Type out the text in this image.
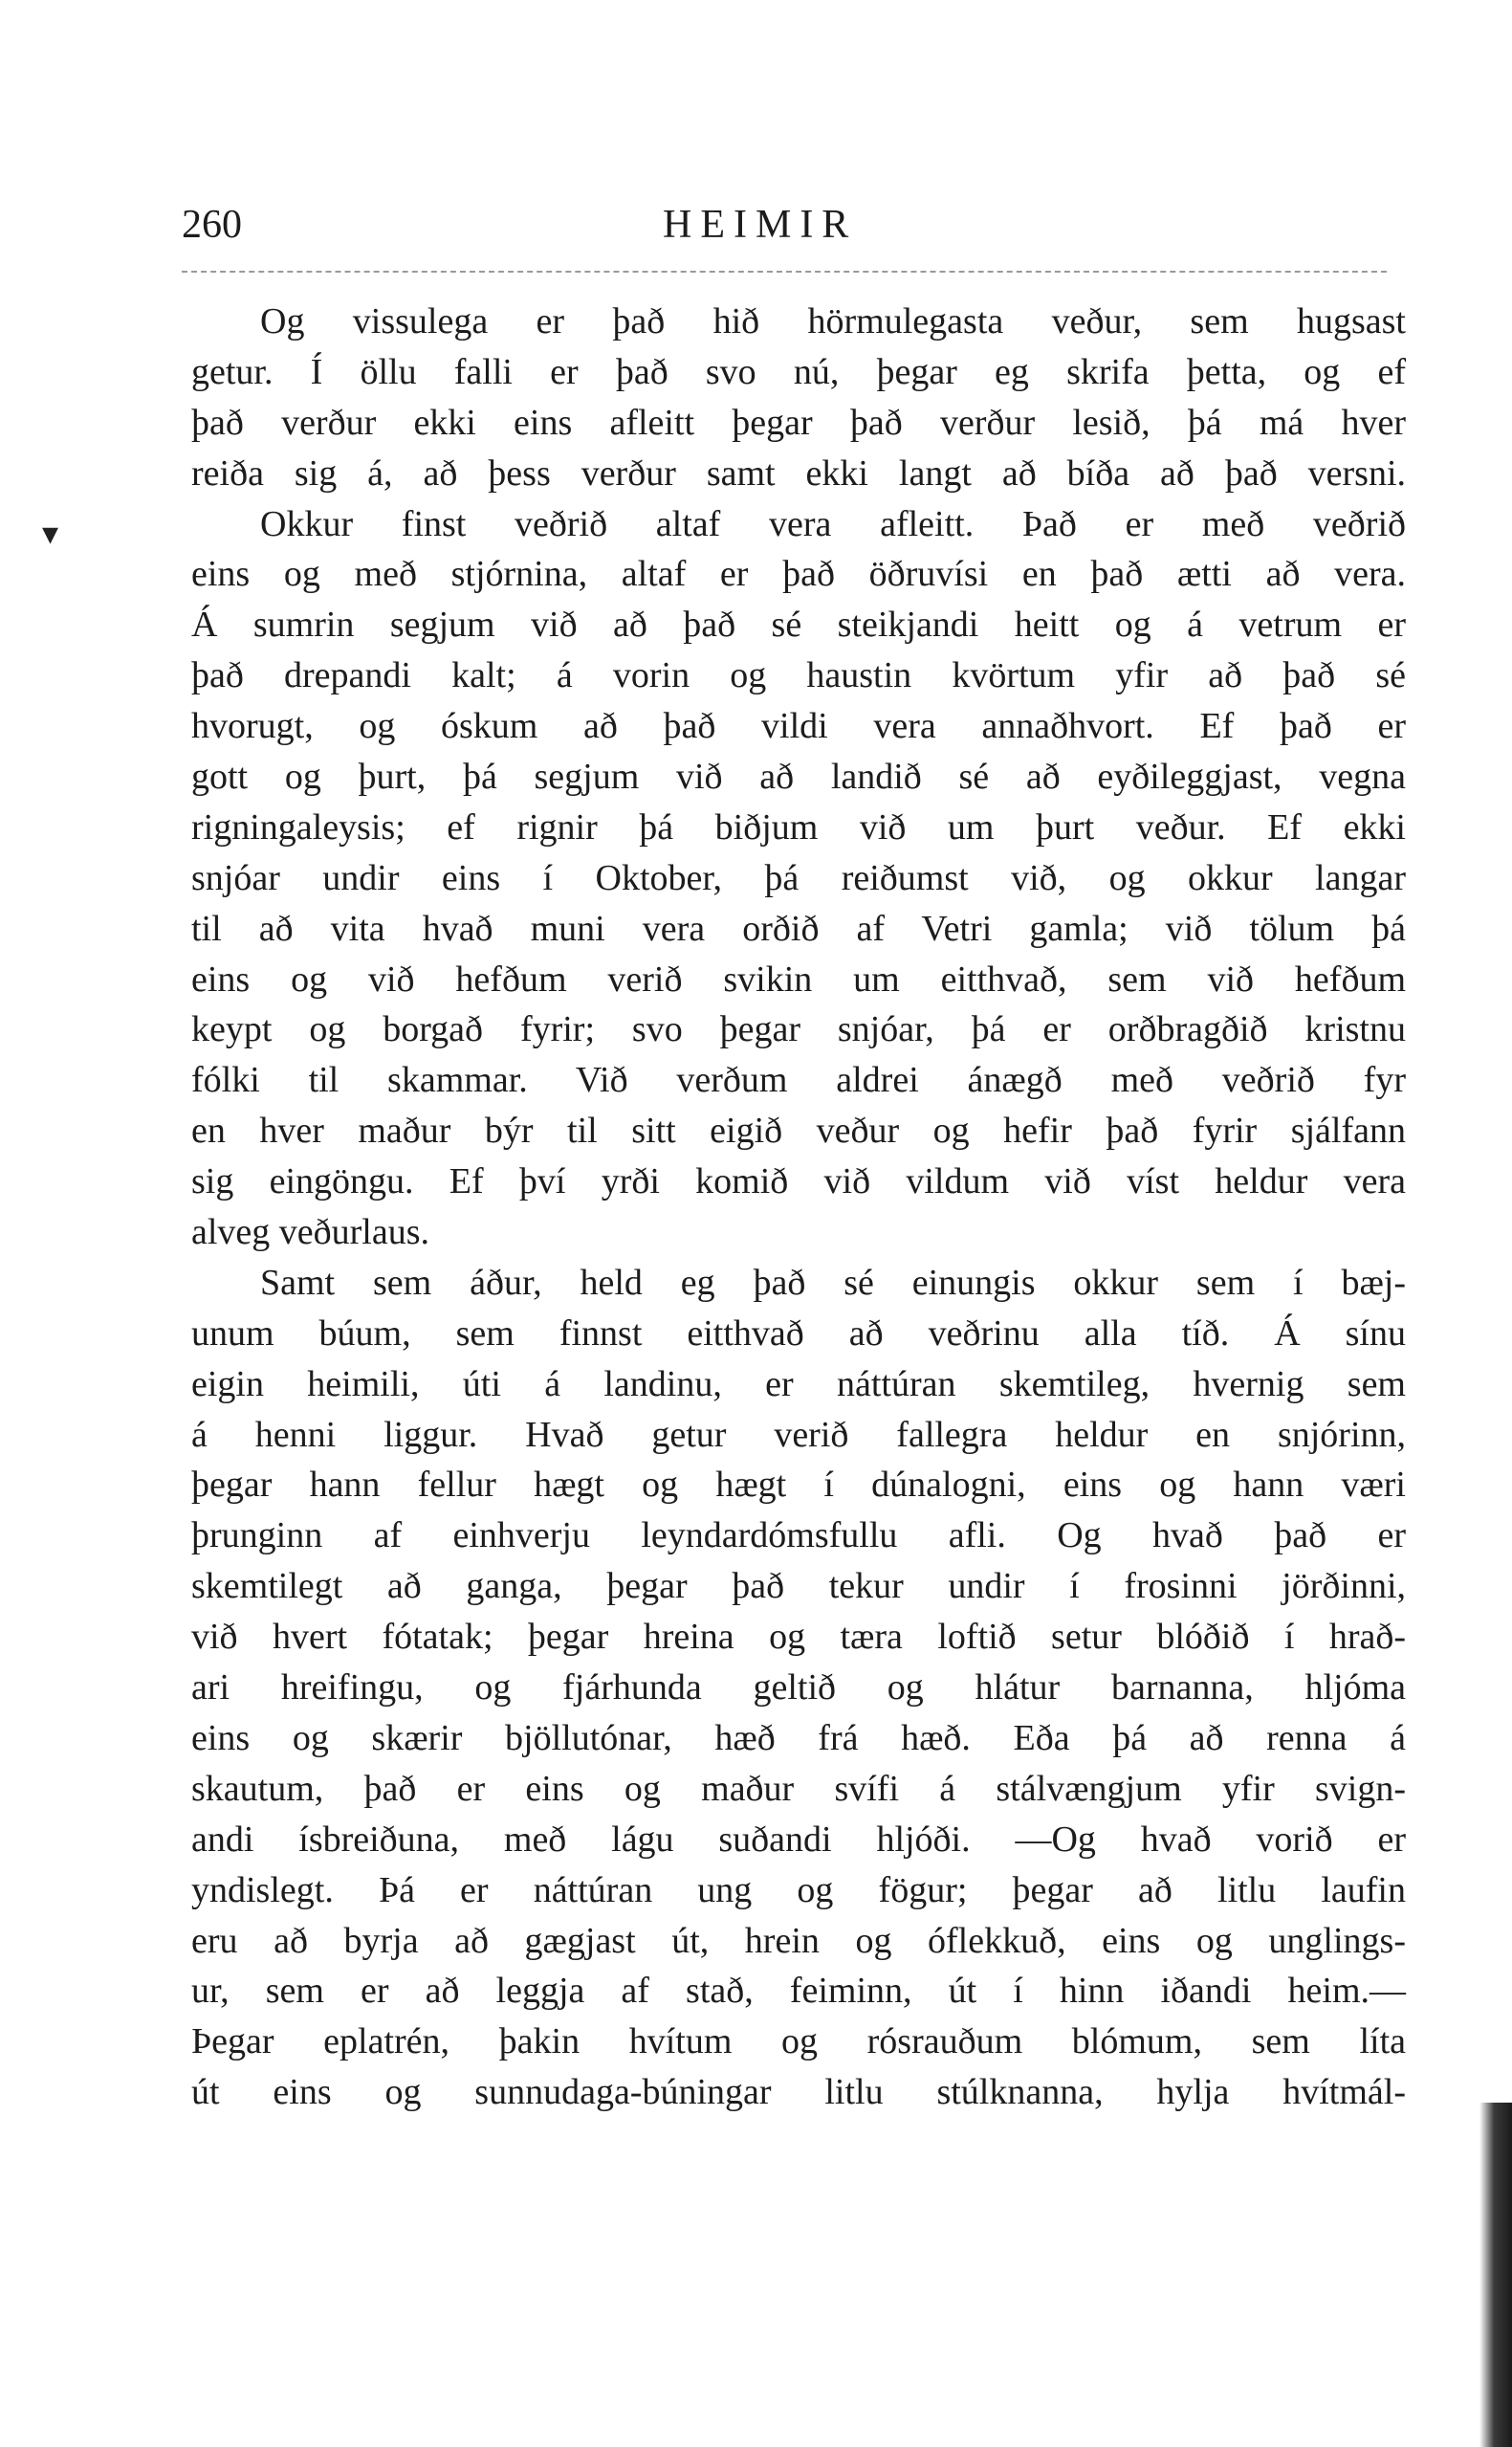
260	HEIMIR
▾
Og vissulega er það hið hörmulegasta veður, sem hugsast
getur. Í öllu falli er það svo nú, þegar eg skrifa þetta, og ef
það verður ekki eins afleitt þegar það verður lesið, þá má hver
reiða sig á, að þess verður samt ekki langt að bíða að það versni.
Okkur finst veðrið altaf vera afleitt. Það er með veðrið
eins og með stjórnina, altaf er það öðruvísi en það ætti að vera.
Á sumrin segjum við að það sé steikjandi heitt og á vetrum er
það drepandi kalt; á vorin og haustin kvörtum yfir að það sé
hvorugt, og óskum að það vildi vera annaðhvort. Ef það er
gott og þurt, þá segjum við að landið sé að eyðileggjast, vegna
rigningaleysis; ef rignir þá biðjum við um þurt veður. Ef ekki
snjóar undir eins í Oktober, þá reiðumst við, og okkur langar
til að vita hvað muni vera orðið af Vetri gamla; við tölum þá
eins og við hefðum verið svikin um eitthvað, sem við hefðum
keypt og borgað fyrir; svo þegar snjóar, þá er orðbragðið kristnu
fólki til skammar. Við verðum aldrei ánægð með veðrið fyr
en hver maður býr til sitt eigið veður og hefir það fyrir sjálfann
sig eingöngu. Ef því yrði komið við vildum við víst heldur vera
alveg veðurlaus.
Samt sem áður, held eg það sé einungis okkur sem í bæj-
unum búum, sem finnst eitthvað að veðrinu alla tíð. Á sínu
eigin heimili, úti á landinu, er náttúran skemtileg, hvernig sem
á henni liggur. Hvað getur verið fallegra heldur en snjórinn,
þegar hann fellur hægt og hægt í dúnalogni, eins og hann væri
þrunginn af einhverju leyndardómsfullu afli. Og hvað það er
skemtilegt að ganga, þegar það tekur undir í frosinni jörðinni,
við hvert fótatak; þegar hreina og tæra loftið setur blóðið í hrað-
ari hreifingu, og fjárhunda geltið og hlátur barnanna, hljóma
eins og skærir bjöllutónar, hæð frá hæð. Eða þá að renna á
skautum, það er eins og maður svífi á stálvængjum yfir svign-
andi ísbreiðuna, með lágu suðandi hljóði. —Og hvað vorið er
yndislegt. Þá er náttúran ung og fögur; þegar að litlu laufin
eru að byrja að gægjast út, hrein og óflekkuð, eins og unglings-
ur, sem er að leggja af stað, feiminn, út í hinn iðandi heim.—
Þegar eplatrén, þakin hvítum og rósrauðum blómum, sem líta
út eins og sunnudaga-búningar litlu stúlknanna, hylja hvítmál-
